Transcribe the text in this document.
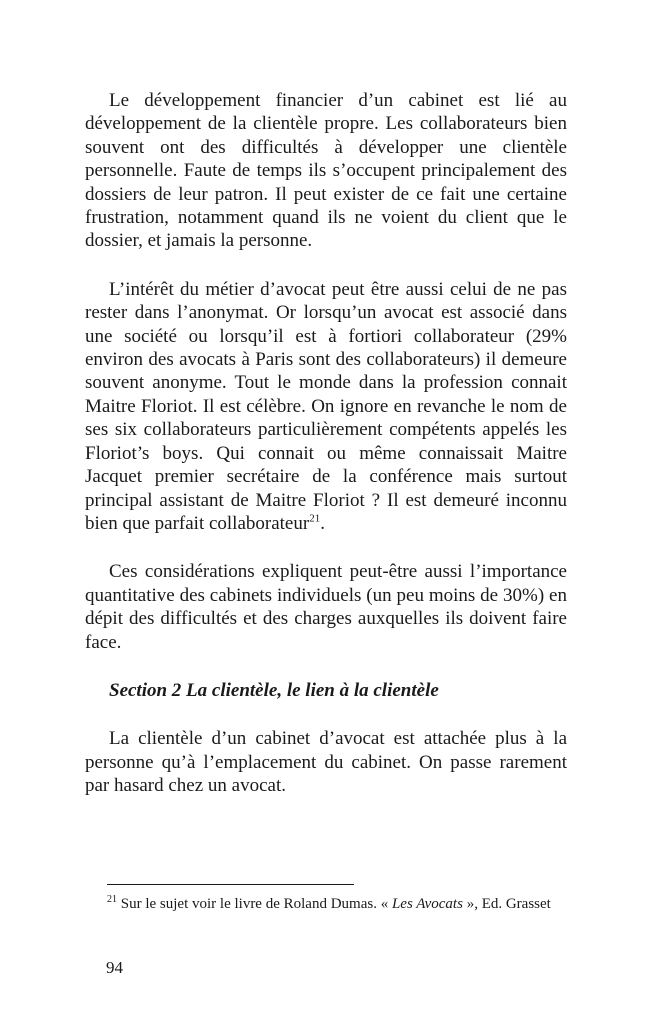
Le développement financier d’un cabinet est lié au développement de la clientèle propre. Les collaborateurs bien souvent ont des difficultés à développer une clientèle personnelle. Faute de temps ils s’occupent principalement des dossiers de leur patron. Il peut exister de ce fait une certaine frustration, notamment quand ils ne voient du client que le dossier, et jamais la personne.

L’intérêt du métier d’avocat peut être aussi celui de ne pas rester dans l’anonymat. Or lorsqu’un avocat est associé dans une société ou lorsqu’il est à fortiori collaborateur (29% environ des avocats à Paris sont des collaborateurs) il demeure souvent anonyme. Tout le monde dans la profession connait Maitre Floriot. Il est célèbre. On ignore en revanche le nom de ses six collaborateurs particulièrement compétents appelés les Floriot’s boys. Qui connait ou même connaissait Maitre Jacquet premier secrétaire de la conférence mais surtout principal assistant de Maitre Floriot ? Il est demeuré inconnu bien que parfait collaborateur$^{21}$.

Ces considérations expliquent peut-être aussi l’importance quantitative des cabinets individuels (un peu moins de 30%) en dépit des difficultés et des charges auxquelles ils doivent faire face.

Section 2 La clientèle, le lien à la clientèle

La clientèle d’un cabinet d’avocat est attachée plus à la personne qu’à l’emplacement du cabinet. On passe rarement par hasard chez un avocat.

$^{21}$ Sur le sujet voir le livre de Roland Dumas. « Les Avocats », Ed. Grasset
94
